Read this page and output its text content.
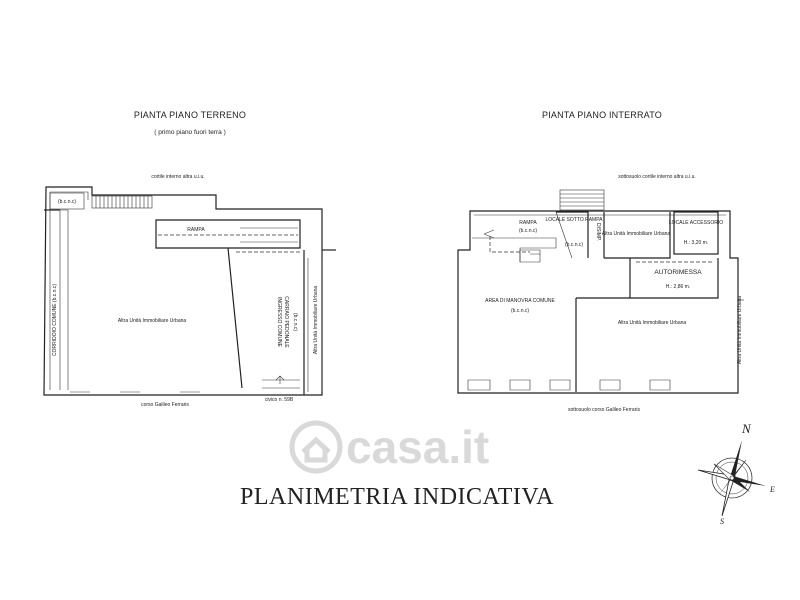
casa.it
PIANTA PIANO TERRENO
( primo piano fuori terra )
cortile interno altra u.i.u.
(b.c.n.c)
RAMPA
Altra Unità Immobiliare Urbana
CORRIDOIO COMUNE (b.c.n.c)	INGRESSO COMUNE CARRAIO PEDONALE (b.c.n.c)	Altra Unità Immobiliare Urbana
corso Galileo Ferraris
civico n. 59B
PIANTA PIANO INTERRATO
sottosuolo cortile interno altra u.i.u.
RAMPA
(b.c.n.c)
LOCALE SOTTO RAMPA
(b.c.n.c)
DISIMP. Altra Unità Immobiliare Urbana
LOCALE ACCESSORIO
H.: 3,20 m.
AUTORIMESSA
H.: 2,86 m.
AREA DI MANOVRA COMUNE
(b.c.n.c)
Altra Unità Immobiliare Urbana	Altra Unità Immobiliare Urbana
sottosuolo corso Galileo Ferraris
PLANIMETRIA INDICATIVA
N
E
S
